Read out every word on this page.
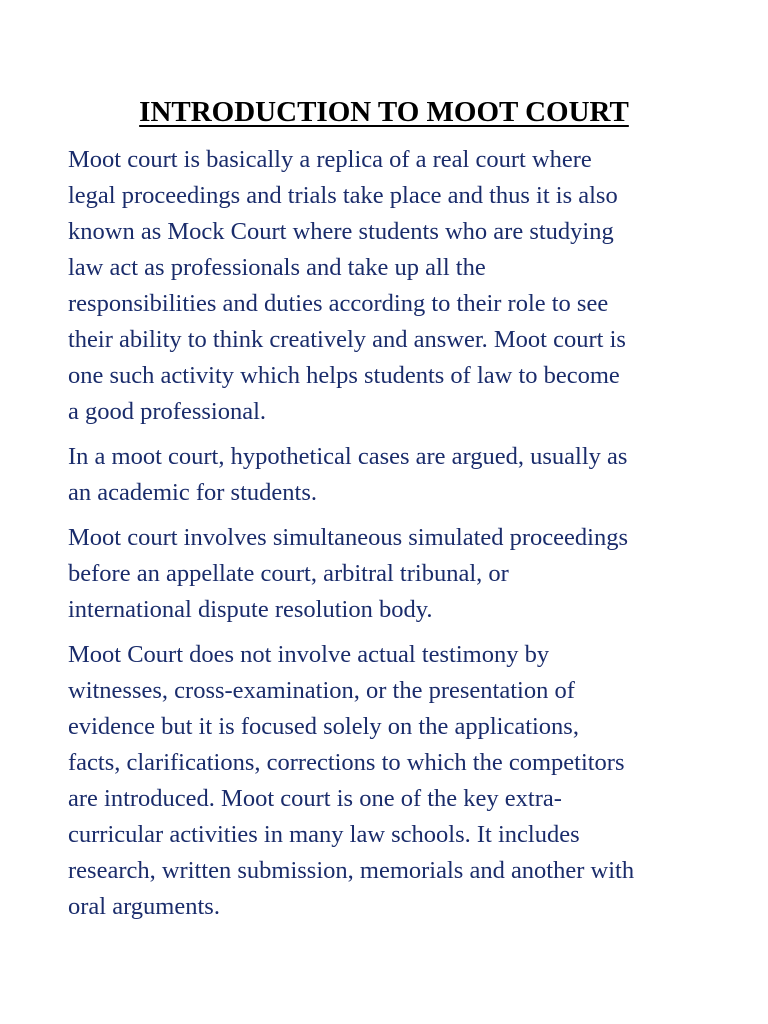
INTRODUCTION TO MOOT COURT

Moot court is basically a replica of a real court where
legal proceedings and trials take place and thus it is also
known as Mock Court where students who are studying
law act as professionals and take up all the
responsibilities and duties according to their role to see
their ability to think creatively and answer. Moot court is
one such activity which helps students of law to become
a good professional.

In a moot court, hypothetical cases are argued, usually as
an academic for students.

Moot court involves simultaneous simulated proceedings
before an appellate court, arbitral tribunal, or
international dispute resolution body.

Moot Court does not involve actual testimony by
witnesses, cross-examination, or the presentation of
evidence but it is focused solely on the applications,
facts, clarifications, corrections to which the competitors
are introduced. Moot court is one of the key extra-
curricular activities in many law schools. It includes
research, written submission, memorials and another with
oral arguments.
